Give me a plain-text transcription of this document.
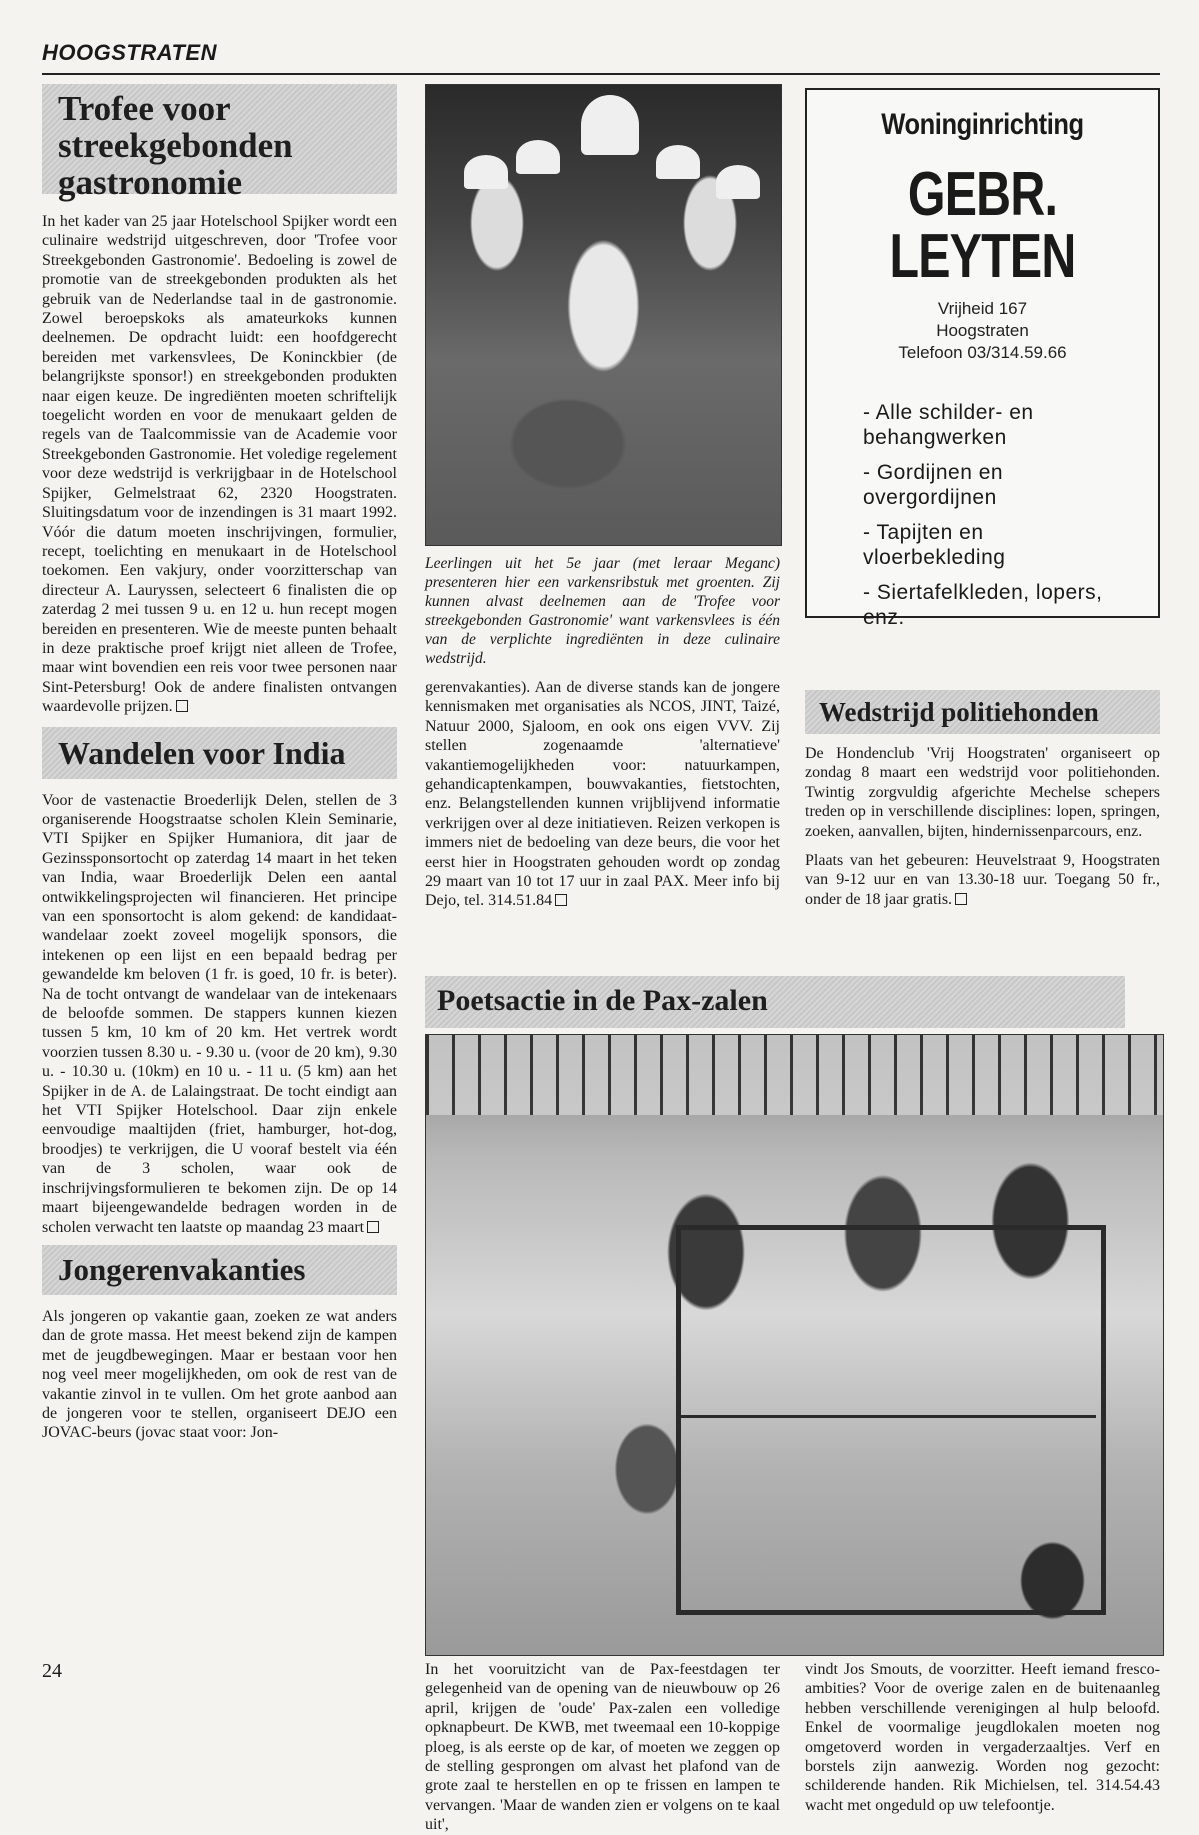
HOOGSTRATEN
Trofee voor streekgebonden gastronomie

In het kader van 25 jaar Hotelschool Spijker wordt een culinaire wedstrijd uitgeschreven, door 'Trofee voor Streekgebonden Gastronomie'. Bedoeling is zowel de promotie van de streekgebonden produkten als het gebruik van de Nederlandse taal in de gastronomie. Zowel beroepskoks als amateurkoks kunnen deelnemen. De opdracht luidt: een hoofdgerecht bereiden met varkensvlees, De Koninckbier (de belangrijkste sponsor!) en streekgebonden produkten naar eigen keuze. De ingrediënten moeten schriftelijk toegelicht worden en voor de menukaart gelden de regels van de Taalcommissie van de Academie voor Streekgebonden Gastronomie. Het voledige regelement voor deze wedstrijd is verkrijgbaar in de Hotelschool Spijker, Gelmelstraat 62, 2320 Hoogstraten. Sluitingsdatum voor de inzendingen is 31 maart 1992. Vóór die datum moeten inschrijvingen, formulier, recept, toelichting en menukaart in de Hotelschool toekomen. Een vakjury, onder voorzitterschap van directeur A. Lauryssen, selecteert 6 finalisten die op zaterdag 2 mei tussen 9 u. en 12 u. hun recept mogen bereiden en presenteren. Wie de meeste punten behaalt in deze praktische proef krijgt niet alleen de Trofee, maar wint bovendien een reis voor twee personen naar Sint-Petersburg! Ook de andere finalisten ontvangen waardevolle prijzen.

Wandelen voor India

Voor de vastenactie Broederlijk Delen, stellen de 3 organiserende Hoogstraatse scholen Klein Seminarie, VTI Spijker en Spijker Humaniora, dit jaar de Gezinssponsortocht op zaterdag 14 maart in het teken van India, waar Broederlijk Delen een aantal ontwikkelingsprojecten wil financieren. Het principe van een sponsortocht is alom gekend: de kandidaat-wandelaar zoekt zoveel mogelijk sponsors, die intekenen op een lijst en een bepaald bedrag per gewandelde km beloven (1 fr. is goed, 10 fr. is beter). Na de tocht ontvangt de wandelaar van de intekenaars de beloofde sommen. De stappers kunnen kiezen tussen 5 km, 10 km of 20 km. Het vertrek wordt voorzien tussen 8.30 u. - 9.30 u. (voor de 20 km), 9.30 u. - 10.30 u. (10km) en 10 u. - 11 u. (5 km) aan het Spijker in de A. de Lalaingstraat. De tocht eindigt aan het VTI Spijker Hotelschool. Daar zijn enkele eenvoudige maaltijden (friet, hamburger, hot-dog, broodjes) te verkrijgen, die U vooraf bestelt via één van de 3 scholen, waar ook de inschrijvingsformulieren te bekomen zijn. De op 14 maart bijeengewandelde bedragen worden in de scholen verwacht ten laatste op maandag 23 maart

Jongerenvakanties

Als jongeren op vakantie gaan, zoeken ze wat anders dan de grote massa. Het meest bekend zijn de kampen met de jeugdbewegingen. Maar er bestaan voor hen nog veel meer mogelijkheden, om ook de rest van de vakantie zinvol in te vullen. Om het grote aanbod aan de jongeren voor te stellen, organiseert DEJO een JOVAC-beurs (jovac staat voor: Jon-

Leerlingen uit het 5e jaar (met leraar Meganc) presenteren hier een varkensribstuk met groenten. Zij kunnen alvast deelnemen aan de 'Trofee voor streekgebonden Gastronomie' want varkensvlees is één van de verplichte ingrediënten in deze culinaire wedstrijd.

gerenvakanties). Aan de diverse stands kan de jongere kennismaken met organisaties als NCOS, JINT, Taizé, Natuur 2000, Sjaloom, en ook ons eigen VVV. Zij stellen zogenaamde 'alternatieve' vakantiemogelijkheden voor: natuurkampen, gehandicaptenkampen, bouwvakanties, fietstochten, enz. Belangstellenden kunnen vrijblijvend informatie verkrijgen over al deze initiatieven. Reizen verkopen is immers niet de bedoeling van deze beurs, die voor het eerst hier in Hoogstraten gehouden wordt op zondag 29 maart van 10 tot 17 uur in zaal PAX. Meer info bij Dejo, tel. 314.51.84

Woninginrichting
GEBR. LEYTEN
Vrijheid 167
Hoogstraten
Telefoon 03/314.59.66
- Alle schilder- en behangwerken
- Gordijnen en overgordijnen
- Tapijten en vloerbekleding
- Siertafelkleden, lopers, enz.
Wedstrijd politiehonden

De Hondenclub 'Vrij Hoogstraten' organiseert op zondag 8 maart een wedstrijd voor politiehonden. Twintig zorgvuldig afgerichte Mechelse schepers treden op in verschillende disciplines: lopen, springen, zoeken, aanvallen, bijten, hindernissenparcours, enz.

Plaats van het gebeuren: Heuvelstraat 9, Hoogstraten van 9-12 uur en van 13.30-18 uur. Toegang 50 fr., onder de 18 jaar gratis.

Poetsactie in de Pax-zalen

In het vooruitzicht van de Pax-feestdagen ter gelegenheid van de opening van de nieuwbouw op 26 april, krijgen de 'oude' Pax-zalen een volledige opknapbeurt. De KWB, met tweemaal een 10-koppige ploeg, is als eerste op de kar, of moeten we zeggen op de stelling gesprongen om alvast het plafond van de grote zaal te herstellen en op te frissen en lampen te vervangen. 'Maar de wanden zien er volgens on te kaal uit',

vindt Jos Smouts, de voorzitter. Heeft iemand fresco-ambities? Voor de overige zalen en de buitenaanleg hebben verschillende verenigingen al hulp beloofd. Enkel de voormalige jeugdlokalen moeten nog omgetoverd worden in vergaderzaaltjes. Verf en borstels zijn aanwezig. Worden nog gezocht: schilderende handen. Rik Michielsen, tel. 314.54.43 wacht met ongeduld op uw telefoontje.

24
